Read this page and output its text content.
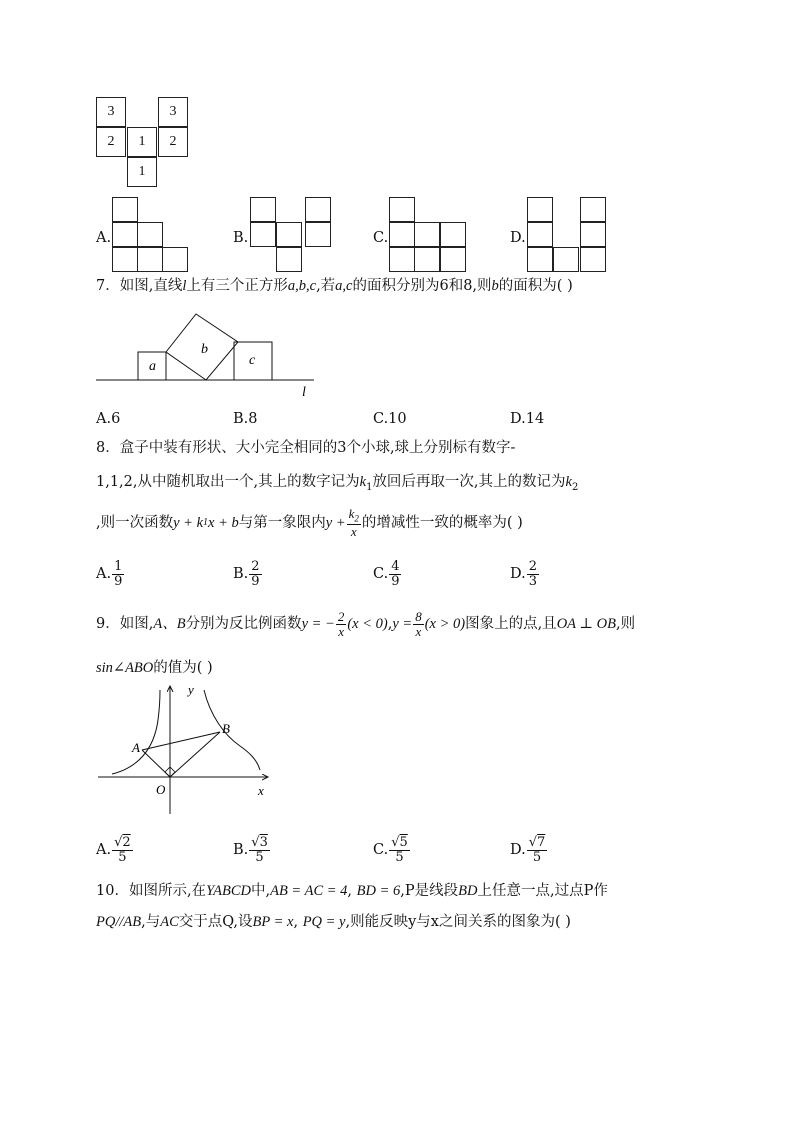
3	3
2	1	2
1
A.	B.	C.	D.
7．如图,直线l上有三个正方形a,b,c,若a,c的面积分别为6和8,则b的面积为( )
a
b
c
l
A.6	B.8	C.10	D.14
8．盒子中装有形状、大小完全相同的3个小球,球上分别标有数字-
1,1,2,从中随机取出一个,其上的数字记为$k_1$放回后再取一次,其上的数记为$k_2$
,则一次函数 y + k 1 x + b 与第一象限内 $y + \frac{k_2}{x}$ 的增减性一致的概率为( )
A. $\frac{1}{9}$	B. $\frac{2}{9}$	C. $\frac{4}{9}$	D. $\frac{2}{3}$
9．如图, A、B 分别为反比例函数 y = − $\frac{2}{x} (x < 0)$ , $y = \frac{8}{x} (x > 0)$ 图象上的点,且 OA ⊥ OB ,则
sin∠ABO的值为( )
y
x
O
A
B
A. $\frac{√2}{5}$	B. $\frac{√3}{5}$	C. $\frac{√5}{5}$	D. $\frac{√7}{5}$
10．如图所示,在YABCD中,AB = AC = 4, BD = 6,P是线段BD上任意一点,过点P作
PQ//AB,与AC交于点Q,设BP = x, PQ = y,则能反映y与x之间关系的图象为( )
